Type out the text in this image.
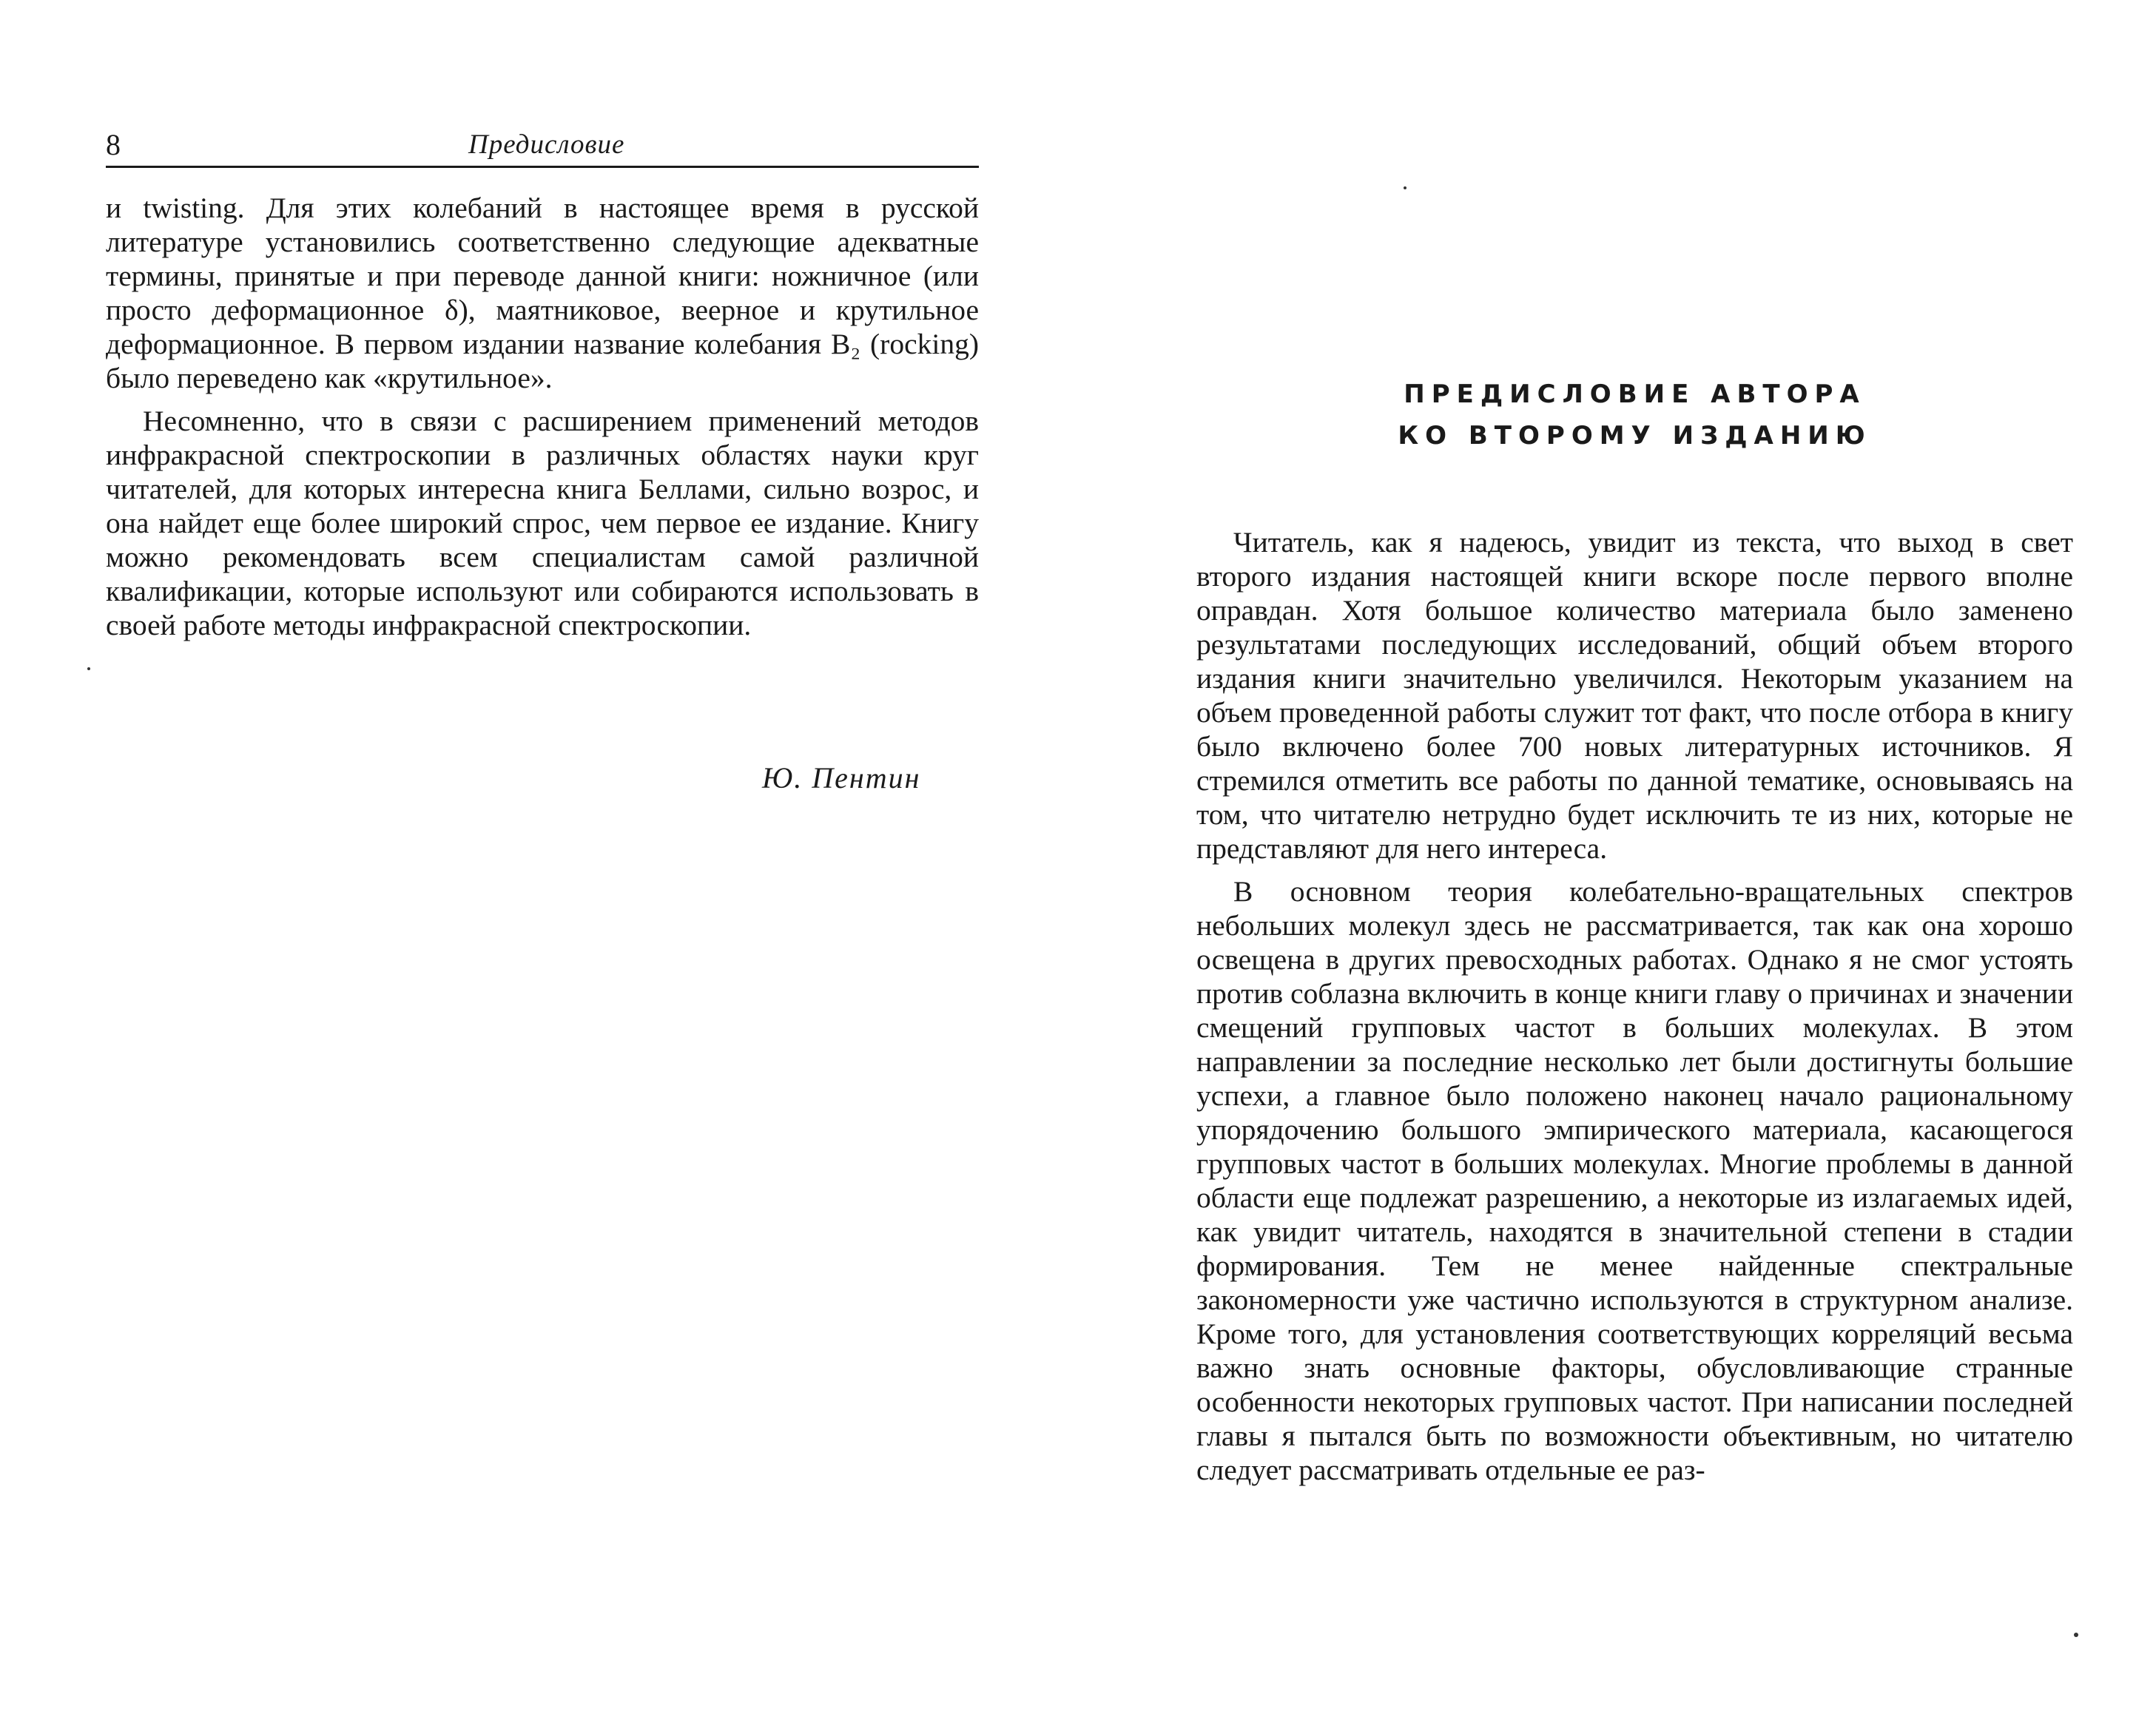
8	Предисловие

и twisting. Для этих колебаний в настоящее время в русской литературе установились соответственно следующие адекватные термины, принятые и при переводе данной книги: ножничное (или просто деформационное δ), маятниковое, веерное и крутильное деформационное. В первом издании название колебания B₂ (rocking) было переведено как «крутильное».

Несомненно, что в связи с расширением применений методов инфракрасной спектроскопии в различных областях науки круг читателей, для которых интересна книга Беллами, сильно возрос, и она найдет еще более широкий спрос, чем первое ее издание. Книгу можно рекомендовать всем специалистам самой различной квалификации, которые используют или собираются использовать в своей работе методы инфракрасной спектроскопии.

Ю. Пентин
ПРЕДИСЛОВИЕ АВТОРА
КО ВТОРОМУ ИЗДАНИЮ

Читатель, как я надеюсь, увидит из текста, что выход в свет второго издания настоящей книги вскоре после первого вполне оправдан. Хотя большое количество материала было заменено результатами последующих исследований, общий объем второго издания книги значительно увеличился. Некоторым указанием на объем проведенной работы служит тот факт, что после отбора в книгу было включено более 700 новых литературных источников. Я стремился отметить все работы по данной тематике, основываясь на том, что читателю нетрудно будет исключить те из них, которые не представляют для него интереса.

В основном теория колебательно-вращательных спектров небольших молекул здесь не рассматривается, так как она хорошо освещена в других превосходных работах. Однако я не смог устоять против соблазна включить в конце книги главу о причинах и значении смещений групповых частот в больших молекулах. В этом направлении за последние несколько лет были достигнуты большие успехи, а главное было положено наконец начало рациональному упорядочению большого эмпирического материала, касающегося групповых частот в больших молекулах. Многие проблемы в данной области еще подлежат разрешению, а некоторые из излагаемых идей, как увидит читатель, находятся в значительной степени в стадии формирования. Тем не менее найденные спектральные закономерности уже частично используются в структурном анализе. Кроме того, для установления соответствующих корреляций весьма важно знать основные факторы, обусловливающие странные особенности некоторых групповых частот. При написании последней главы я пытался быть по возможности объективным, но читателю следует рассматривать отдельные ее раз-
